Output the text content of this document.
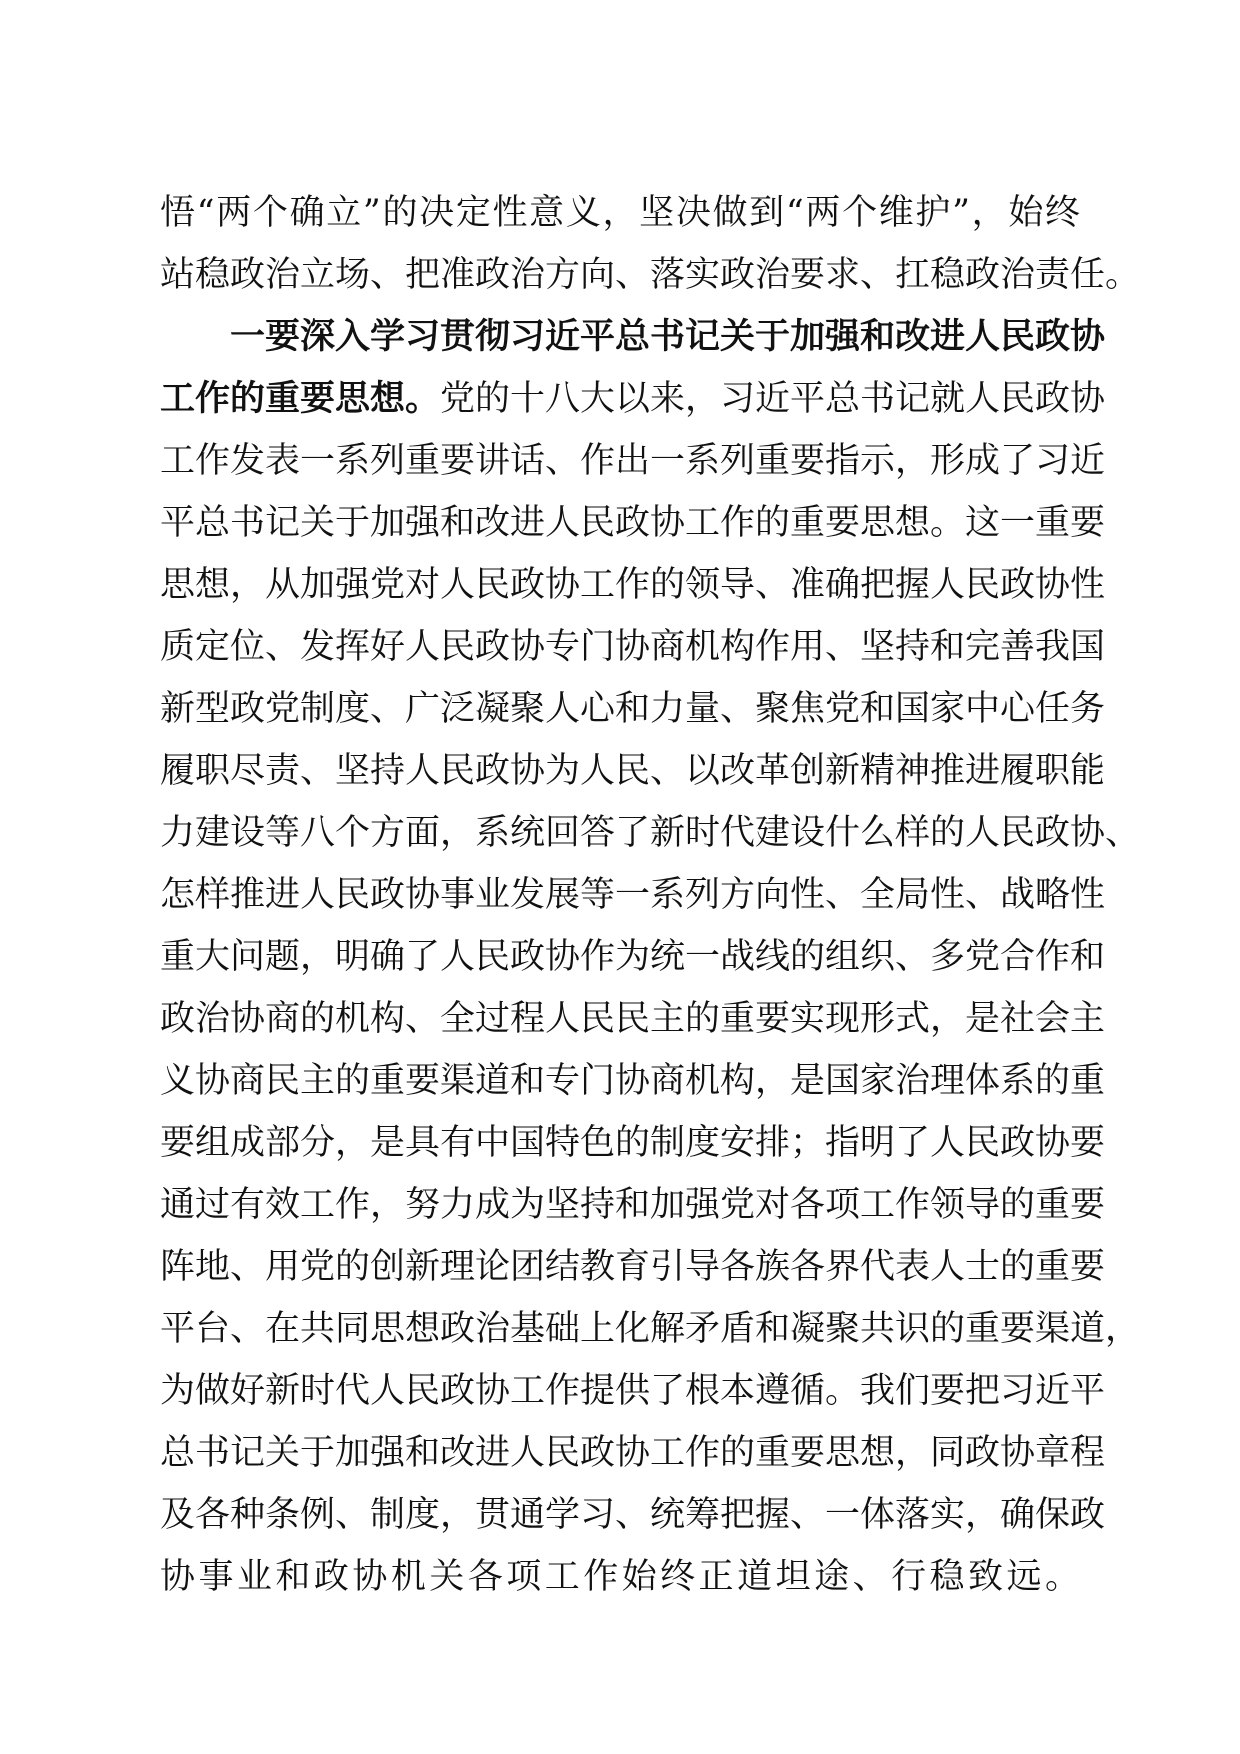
悟“两个确立”的决定性意义，坚决做到“两个维护”，始终
站稳政治立场、把准政治方向、落实政治要求、扛稳政治责任。
一要深入学习贯彻习近平总书记关于加强和改进人民政协
工作的重要思想。党的十八大以来，习近平总书记就人民政协
工作发表一系列重要讲话、作出一系列重要指示，形成了习近
平总书记关于加强和改进人民政协工作的重要思想。这一重要
思想，从加强党对人民政协工作的领导、准确把握人民政协性
质定位、发挥好人民政协专门协商机构作用、坚持和完善我国
新型政党制度、广泛凝聚人心和力量、聚焦党和国家中心任务
履职尽责、坚持人民政协为人民、以改革创新精神推进履职能
力建设等八个方面，系统回答了新时代建设什么样的人民政协、
怎样推进人民政协事业发展等一系列方向性、全局性、战略性
重大问题，明确了人民政协作为统一战线的组织、多党合作和
政治协商的机构、全过程人民民主的重要实现形式，是社会主
义协商民主的重要渠道和专门协商机构，是国家治理体系的重
要组成部分，是具有中国特色的制度安排；指明了人民政协要
通过有效工作，努力成为坚持和加强党对各项工作领导的重要
阵地、用党的创新理论团结教育引导各族各界代表人士的重要
平台、在共同思想政治基础上化解矛盾和凝聚共识的重要渠道，
为做好新时代人民政协工作提供了根本遵循。我们要把习近平
总书记关于加强和改进人民政协工作的重要思想，同政协章程
及各种条例、制度，贯通学习、统筹把握、一体落实，确保政
协事业和政协机关各项工作始终正道坦途、行稳致远。
